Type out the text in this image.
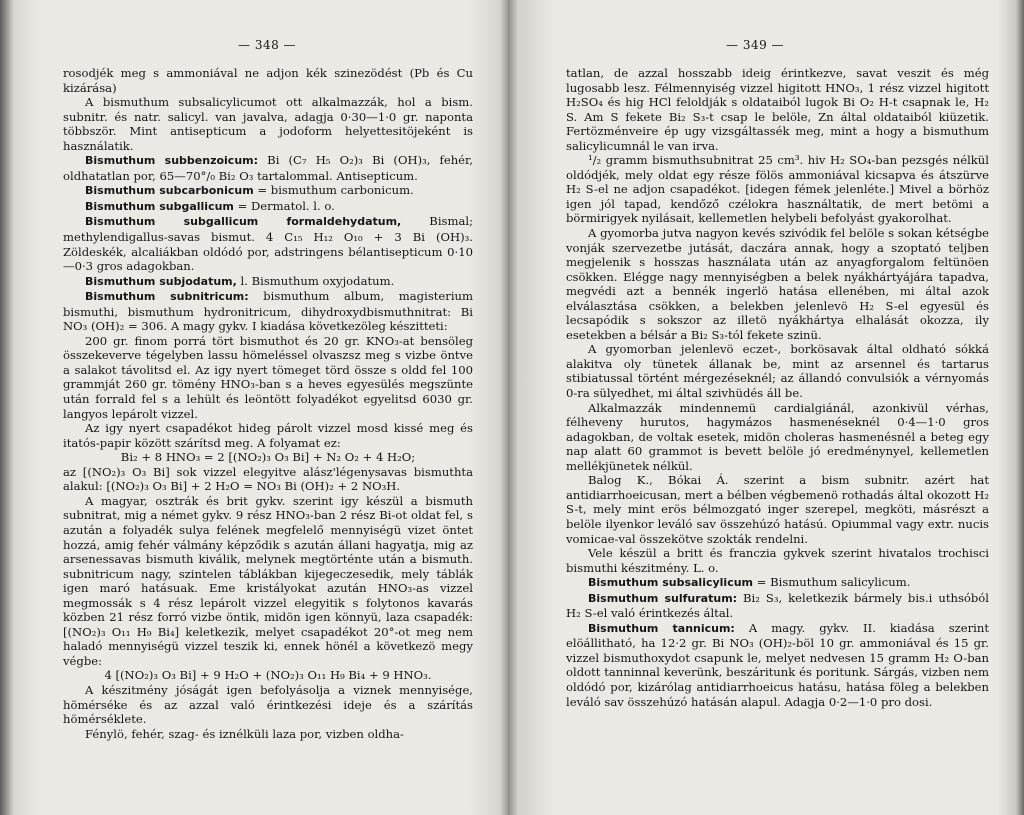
— 348 —

rosodjék meg s ammoniával ne adjon kék szinezödést (Pb és Cu kizárása)

A bismuthum subsalicylicumot ott alkalmazzák, hol a bism. subnitr. és natr. salicyl. van javalva, adagja 0·30—1·0 gr. naponta többször. Mint antisepticum a jodoform helyettesitöjeként is használatik.

Bismuthum subbenzoicum: Bi (C₇ H₅ O₂)₃ Bi (OH)₃, fehér, oldhatatlan por, 65—70°/₀ Bi₂ O₃ tartalommal. Antisepticum.

Bismuthum subcarbonicum = bismuthum carbonicum.

Bismuthum subgallicum = Dermatol. l. o.

Bismuthum subgallicum formaldehydatum, Bismal; methylendigallus-savas bismut. 4 C₁₅ H₁₂ O₁₀ + 3 Bi (OH)₃. Zöldeskék, alcaliákban oldódó por, adstringens bélantisepticum 0·10—0·3 gros adagokban.

Bismuthum subjodatum, l. Bismuthum oxyjodatum.

Bismuthum subnitricum: bismuthum album, magisterium bismuthi, bismuthum hydronitricum, dihydroxydbismuthnitrat: Bi NO₃ (OH)₂ = 306. A magy gykv. I kiadása következöleg készitteti:

200 gr. finom porrá tört bismuthot és 20 gr. KNO₃-at bensöleg összekeverve tégelyben lassu hömeléssel olvaszsz meg s vizbe öntve a salakot távolitsd el. Az igy nyert tömeget törd össze s oldd fel 100 grammját 260 gr. tömény HNO₃-ban s a heves egyesülés megszünte után forrald fel s a lehült és leöntött folyadékot egyelitsd 6030 gr. langyos lepárolt vizzel.

Az igy nyert csapadékot hideg párolt vizzel mosd kissé meg és itatós-papir között szárítsd meg. A folyamat ez:

Bi₂ + 8 HNO₃ = 2 [(NO₂)₃ O₃ Bi] + N₂ O₂ + 4 H₂O;

az [(NO₂)₃ O₃ Bi] sok vizzel elegyitve alász'légenysavas bismuthta alakul: [(NO₂)₃ O₃ Bi] + 2 H₂O = NO₃ Bi (OH)₂ + 2 NO₃H.

A magyar, osztrák és brit gykv. szerint igy készül a bismuth subnitrat, mig a német gykv. 9 rész HNO₃-ban 2 rész Bi-ot oldat fel, s azután a folyadék sulya felének megfelelő mennyiségü vizet öntet hozzá, amig fehér válmány képződik s azután állani hagyatja, mig az arsenessavas bismuth kiválik, melynek megtörténte után a bismuth. subnitricum nagy, szintelen táblákban kijegeczesedik, mely táblák igen maró hatásuak. Eme kristályokat azután HNO₃-as vizzel megmossák s 4 rész lepárolt vizzel elegyitik s folytonos kavarás közben 21 rész forró vizbe öntik, midön igen könnyü, laza csapadék: [(NO₂)₃ O₁₁ H₉ Bi₄] keletkezik, melyet csapadékot 20°-ot meg nem haladó mennyiségü vizzel teszik ki, ennek hönél a következö megy végbe:

4 [(NO₂)₃ O₃ Bi] + 9 H₂O + (NO₂)₃ O₁₁ H₉ Bi₄ + 9 HNO₃.

A készitmény jóságát igen befolyásolja a viznek mennyisége, hömérséke és az azzal való érintkezési ideje és a szárítás hömérséklete.

Fénylö, fehér, szag- és iznélküli laza por, vizben oldha-

— 349 —

tatlan, de azzal hosszabb ideig érintkezve, savat veszit és még lugosabb lesz. Félmennyiség vizzel higitott HNO₃, 1 rész vizzel higitott H₂SO₄ és hig HCl feloldják s oldataiból lugok Bi O₂ H-t csapnak le, H₂ S. Am S fekete Bi₂ S₃-t csap le belöle, Zn által oldataiból kiüzetik. Fertözménveire ép ugy vizsgáltassék meg, mint a hogy a bismuthum salicylicumnál le van irva.

¹/₂ gramm bismuthsubnitrat 25 cm³. hiv H₂ SO₄-ban pezsgés nélkül oldódjék, mely oldat egy része fölös ammoniával kicsapva és átszürve H₂ S-el ne adjon csapadékot. [idegen fémek jelenléte.] Mivel a börhöz igen jól tapad, kendőző czélokra használtatik, de mert betömi a börmirigyek nyilásait, kellemetlen helybeli befolyást gyakorolhat.

A gyomorba jutva nagyon kevés szivódik fel belöle s sokan kétségbe vonják szervezetbe jutását, daczára annak, hogy a szoptató teljben megjelenik s hosszas használata után az anyagforgalom feltünöen csökken. Elégge nagy mennyiségben a belek nyákhártyájára tapadva, megvédi azt a bennék ingerlö hatása ellenében, mi által azok elválasztása csökken, a belekben jelenlevö H₂ S-el egyesül és lecsapódik s sokszor az illetö nyákhártya elhalását okozza, ily esetekben a bélsár a Bi₂ S₃-tól fekete szinü.

A gyomorban jelenlevö eczet-, borkösavak által oldható sókká alakitva oly tünetek állanak be, mint az arsennel és tartarus stibiatussal történt mérgezéseknél; az állandó convulsiók a vérnyomás 0-ra sülyedhet, mi által szivhüdés áll be.

Alkalmazzák mindennemü cardialgiánál, azonkivül vérhas, félheveny hurutos, hagymázos hasmenéseknél 0·4—1·0 gros adagokban, de voltak esetek, midön choleras hasmenésnél a beteg egy nap alatt 60 grammot is bevett belöle jó eredménynyel, kellemetlen mellékjünetek nélkül.

Balog K., Bókai Á. szerint a bism subnitr. azért hat antidiarrhoeicusan, mert a bélben végbemenö rothadás által okozott H₂ S-t, mely mint erös bélmozgató inger szerepel, megköti, másrészt a belöle ilyenkor leváló sav összehúzó hatású. Opiummal vagy extr. nucis vomicae-val összekötve szokták rendelni.

Vele készül a britt és franczia gykvek szerint hivatalos trochisci bismuthi készitmény. L. o.

Bismuthum subsalicylicum = Bismuthum salicylicum.

Bismuthum sulfuratum: Bi₂ S₃, keletkezik bármely bis.i uthsóból H₂ S-el való érintkezés által.

Bismuthum tannicum: A magy. gykv. II. kiadása szerint elöállitható, ha 12·2 gr. Bi NO₃ (OH)₂-böl 10 gr. ammoniával és 15 gr. vizzel bismuthoxydot csapunk le, melyet nedvesen 15 gramm H₂ O-ban oldott tanninnal keverünk, beszáritunk és poritunk. Sárgás, vizben nem oldódó por, kizárólag antidiarrhoeicus hatásu, hatása föleg a belekben leváló sav összehúzó hatásán alapul. Adagja 0·2—1·0 pro dosi.
